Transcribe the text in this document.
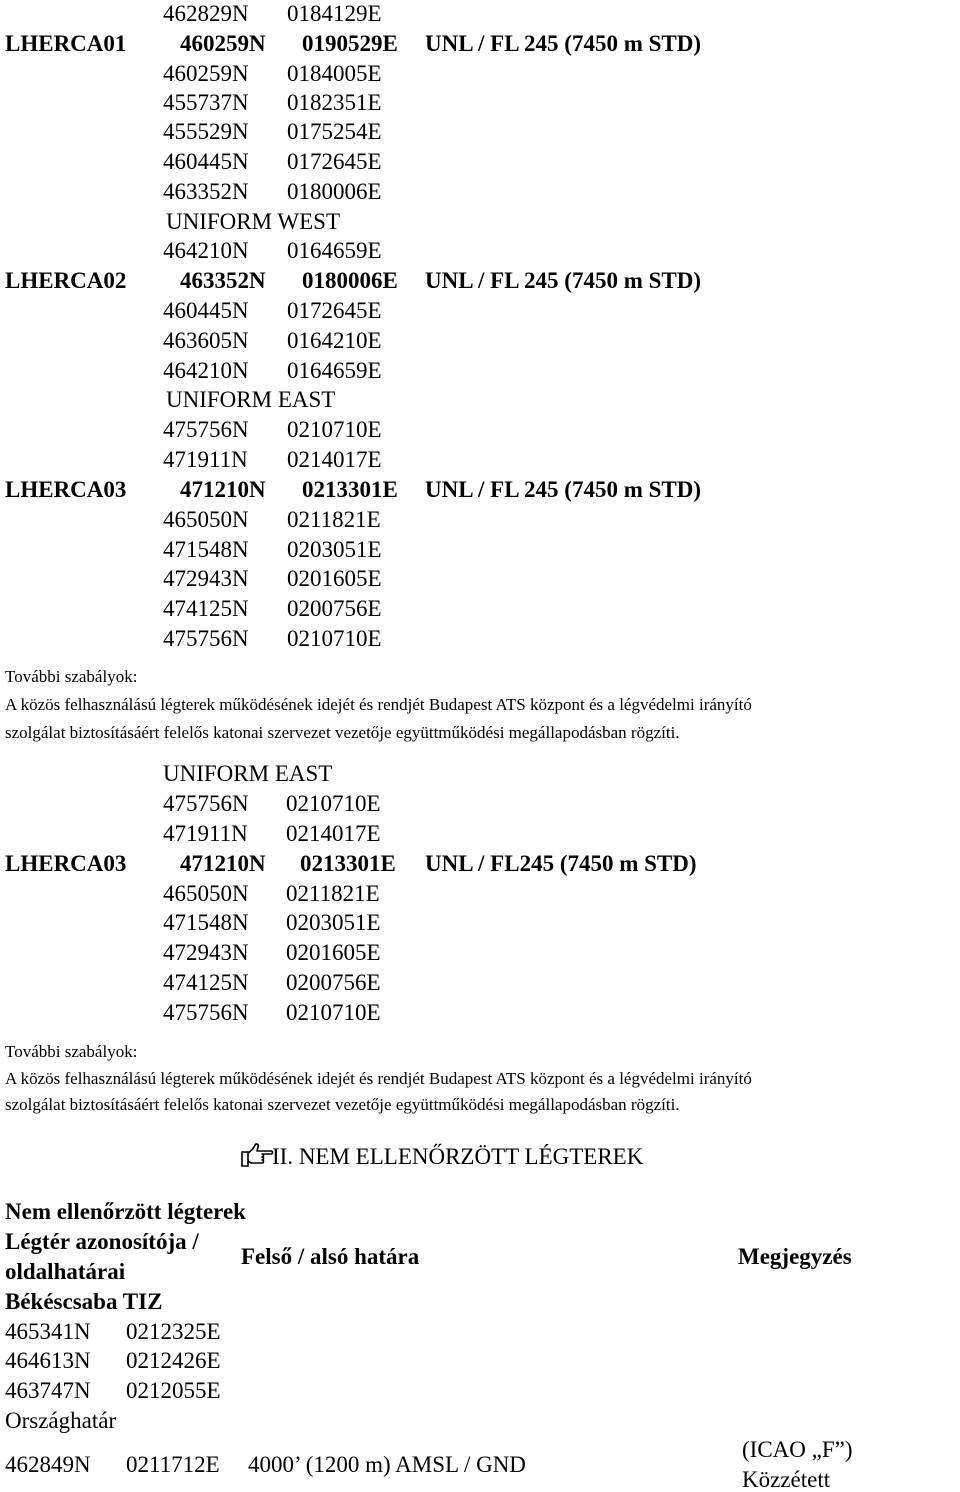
462829N 0184129E
LHERCA01 460259N 0190529E UNL / FL 245 (7450 m STD)
460259N 0184005E
455737N 0182351E
455529N 0175254E
460445N 0172645E
463352N 0180006E
UNIFORM WEST
464210N 0164659E
LHERCA02 463352N 0180006E UNL / FL 245 (7450 m STD)
460445N 0172645E
463605N 0164210E
464210N 0164659E
UNIFORM EAST
475756N 0210710E
471911N 0214017E
LHERCA03 471210N 0213301E UNL / FL 245 (7450 m STD)
465050N 0211821E
471548N 0203051E
472943N 0201605E
474125N 0200756E
475756N 0210710E
További szabályok:
A közös felhasználású légterek működésének idejét és rendjét Budapest ATS központ és a légvédelmi irányító
szolgálat biztosításáért felelős katonai szervezet vezetője együttműködési megállapodásban rögzíti.
UNIFORM EAST
475756N 0210710E
471911N 0214017E
LHERCA03 471210N 0213301E UNL / FL245 (7450 m STD)
465050N 0211821E
471548N 0203051E
472943N 0201605E
474125N 0200756E
475756N 0210710E
További szabályok:
A közös felhasználású légterek működésének idejét és rendjét Budapest ATS központ és a légvédelmi irányító
szolgálat biztosításáért felelős katonai szervezet vezetője együttműködési megállapodásban rögzíti.
II. NEM ELLENŐRZÖTT LÉGTEREK
Nem ellenőrzött légterek
Légtér azonosítója /
oldalhatárai
Felső / alsó határa	Megjegyzés
Békéscsaba TIZ
465341N 0212325E
464613N 0212426E
463747N 0212055E
Országhatár
462849N 0211712E 4000’ (1200 m) AMSL / GND
(ICAO „F”)
Közzétett
